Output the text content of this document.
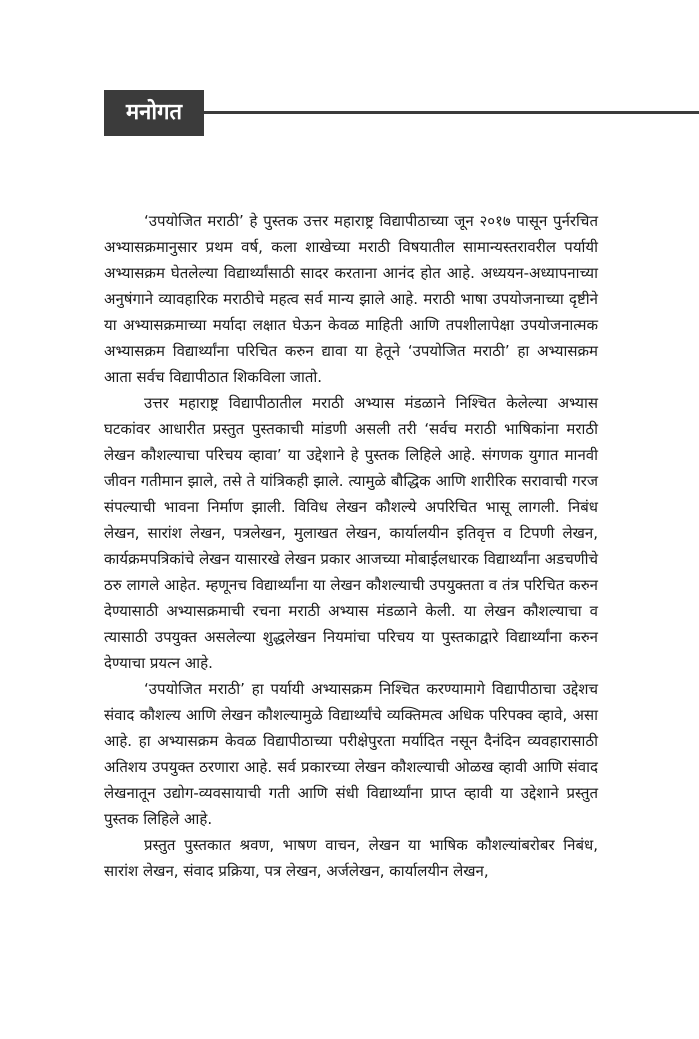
मनोगत

‘उपयोजित मराठी’ हे पुस्तक उत्तर महाराष्ट्र विद्यापीठाच्या जून २०१७ पासून पुर्नरचित अभ्यासक्रमानुसार प्रथम वर्ष, कला शाखेच्या मराठी विषयातील सामान्यस्तरावरील पर्यायी अभ्यासक्रम घेतलेल्या विद्यार्थ्यांसाठी सादर करताना आनंद होत आहे. अध्ययन-अध्यापनाच्या अनुषंगाने व्यावहारिक मराठीचे महत्व सर्व मान्य झाले आहे. मराठी भाषा उपयोजनाच्या दृष्टीने या अभ्यासक्रमाच्या मर्यादा लक्षात घेऊन केवळ माहिती आणि तपशीलापेक्षा उपयोजनात्मक अभ्यासक्रम विद्यार्थ्यांना परिचित करुन द्यावा या हेतूने ‘उपयोजित मराठी’ हा अभ्यासक्रम आता सर्वच विद्यापीठात शिकविला जातो.

उत्तर महाराष्ट्र विद्यापीठातील मराठी अभ्यास मंडळाने निश्चित केलेल्या अभ्यास घटकांवर आधारीत प्रस्तुत पुस्तकाची मांडणी असली तरी ‘सर्वच मराठी भाषिकांना मराठी लेखन कौशल्याचा परिचय व्हावा’ या उद्देशाने हे पुस्तक लिहिले आहे. संगणक युगात मानवी जीवन गतीमान झाले, तसे ते यांत्रिकही झाले. त्यामुळे बौद्धिक आणि शारीरिक सरावाची गरज संपल्याची भावना निर्माण झाली. विविध लेखन कौशल्ये अपरिचित भासू लागली. निबंध लेखन, सारांश लेखन, पत्रलेखन, मुलाखत लेखन, कार्यालयीन इतिवृत्त व टिपणी लेखन, कार्यक्रमपत्रिकांचे लेखन यासारखे लेखन प्रकार आजच्या मोबाईलधारक विद्यार्थ्यांना अडचणीचे ठरु लागले आहेत. म्हणूनच विद्यार्थ्यांना या लेखन कौशल्याची उपयुक्तता व तंत्र परिचित करुन देण्यासाठी अभ्यासक्रमाची रचना मराठी अभ्यास मंडळाने केली. या लेखन कौशल्याचा व त्यासाठी उपयुक्त असलेल्या शुद्धलेखन नियमांचा परिचय या पुस्तकाद्वारे विद्यार्थ्यांना करुन देण्याचा प्रयत्न आहे.

‘उपयोजित मराठी’ हा पर्यायी अभ्यासक्रम निश्चित करण्यामागे विद्यापीठाचा उद्देशच संवाद कौशल्य आणि लेखन कौशल्यामुळे विद्यार्थ्यांचे व्यक्तिमत्व अधिक परिपक्व व्हावे, असा आहे. हा अभ्यासक्रम केवळ विद्यापीठाच्या परीक्षेपुरता मर्यादित नसून दैनंदिन व्यवहारासाठी अतिशय उपयुक्त ठरणारा आहे. सर्व प्रकारच्या लेखन कौशल्याची ओळख व्हावी आणि संवाद लेखनातून उद्योग-व्यवसायाची गती आणि संधी विद्यार्थ्यांना प्राप्त व्हावी या उद्देशाने प्रस्तुत पुस्तक लिहिले आहे.

प्रस्तुत पुस्तकात श्रवण, भाषण वाचन, लेखन या भाषिक कौशल्यांबरोबर निबंध, सारांश लेखन, संवाद प्रक्रिया, पत्र लेखन, अर्जलेखन, कार्यालयीन लेखन,
